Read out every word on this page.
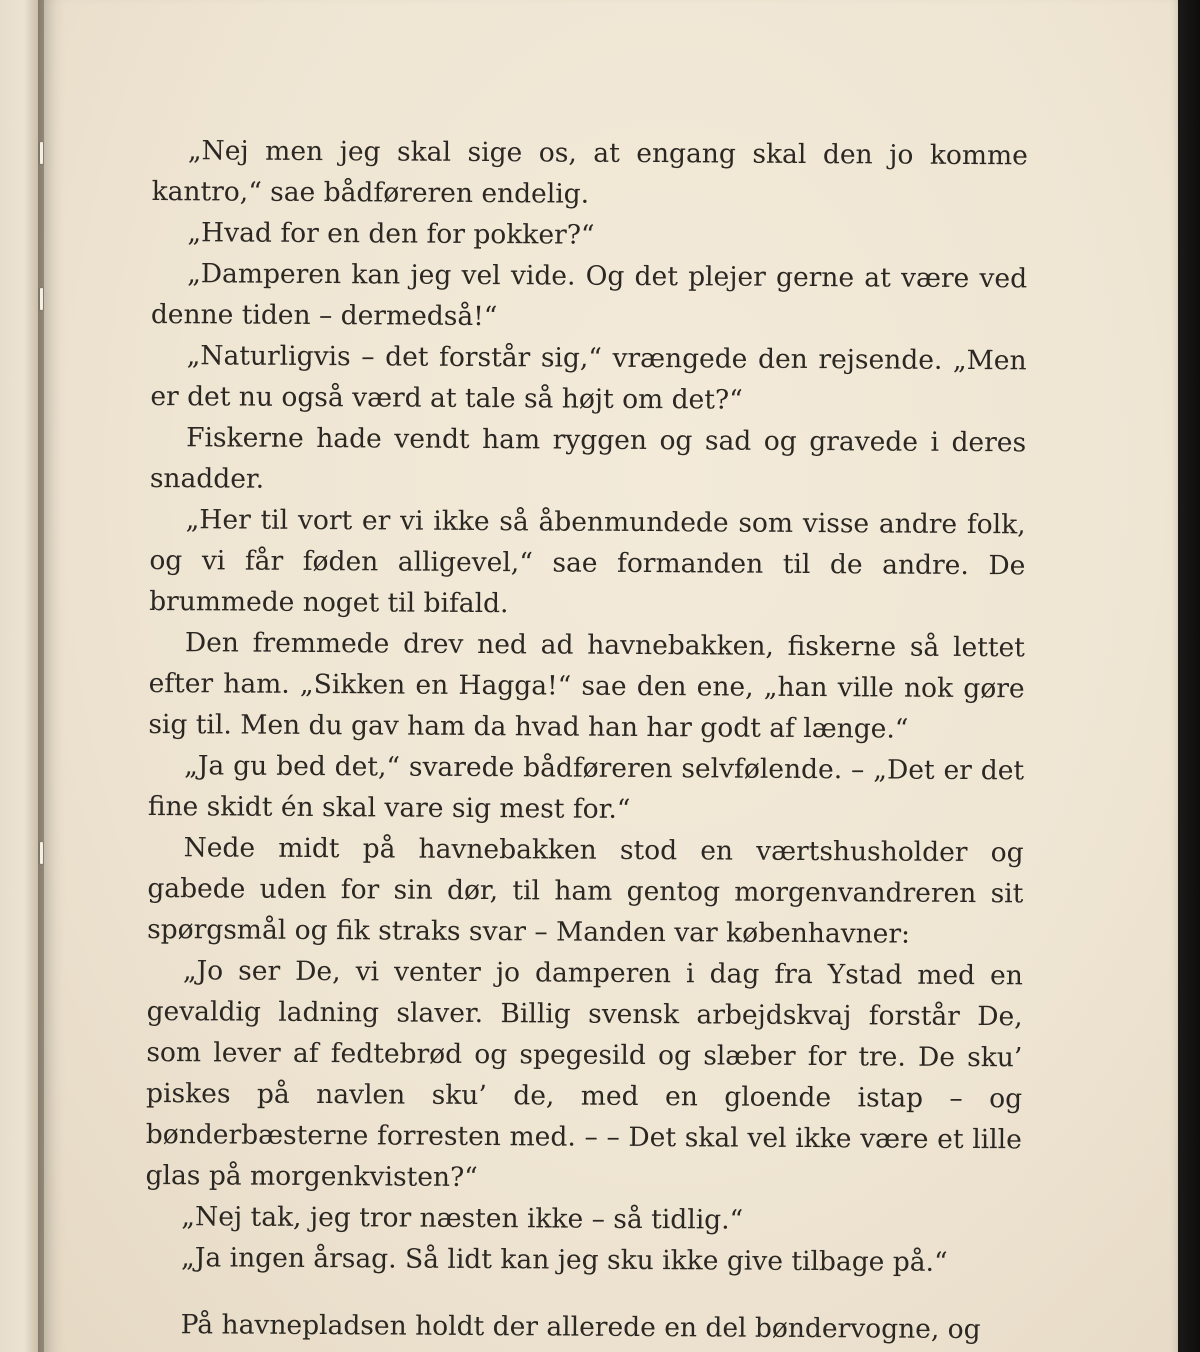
„Nej men jeg skal sige os, at engang skal den jo komme kantro,“ sae bådføreren endelig.

„Hvad for en den for pokker?“

„Damperen kan jeg vel vide. Og det plejer gerne at være ved denne tiden – dermedså!“

„Naturligvis – det forstår sig,“ vrængede den rejsende. „Men er det nu også værd at tale så højt om det?“

Fiskerne hade vendt ham ryggen og sad og gravede i deres snadder.

„Her til vort er vi ikke så åbenmundede som visse andre folk, og vi får føden alligevel,“ sae formanden til de andre. De brummede noget til bifald.

Den fremmede drev ned ad havnebakken, fiskerne så lettet efter ham. „Sikken en Hagga!“ sae den ene, „han ville nok gøre sig til. Men du gav ham da hvad han har godt af længe.“

„Ja gu bed det,“ svarede bådføreren selvfølende. – „Det er det fine skidt én skal vare sig mest for.“

Nede midt på havnebakken stod en værtshusholder og gabede uden for sin dør, til ham gentog morgenvandreren sit spørgsmål og fik straks svar – Manden var københavner:

„Jo ser De, vi venter jo damperen i dag fra Ystad med en gevaldig ladning slaver. Billig svensk arbejdskvaj forstår De, som lever af fedtebrød og spegesild og slæber for tre. De sku’ piskes på navlen sku’ de, med en gloende istap – og bønderbæsterne forresten med. – – Det skal vel ikke være et lille glas på morgenkvisten?“

„Nej tak, jeg tror næsten ikke – så tidlig.“

„Ja ingen årsag. Så lidt kan jeg sku ikke give tilbage på.“

På havnepladsen holdt der allerede en del bøndervogne, og
